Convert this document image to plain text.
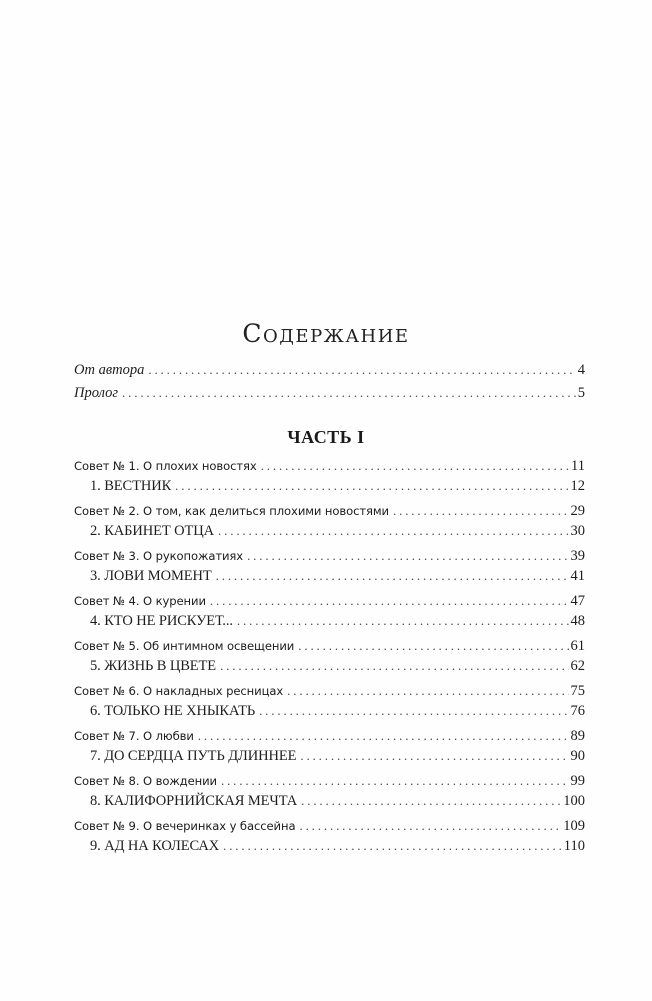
Содержание
От автора . . .	4
Пролог . . .	5
ЧАСТЬ I
Совет № 1. О плохих новостях . . .	11
1. ВЕСТНИК . . .	12
Совет № 2. О том, как делиться плохими новостями . . .	29
2. КАБИНЕТ ОТЦА . . .	30
Совет № 3. О рукопожатиях . . .	39
3. ЛОВИ МОМЕНТ . . .	41
Совет № 4. О курении . . .	47
4. КТО НЕ РИСКУЕТ... . . .	48
Совет № 5. Об интимном освещении . . .	61
5. ЖИЗНЬ В ЦВЕТЕ . . .	62
Совет № 6. О накладных ресницах . . .	75
6. ТОЛЬКО НЕ ХНЫКАТЬ . . .	76
Совет № 7. О любви . . .	89
7. ДО СЕРДЦА ПУТЬ ДЛИННЕЕ . . .	90
Совет № 8. О вождении . . .	99
8. КАЛИФОРНИЙСКАЯ МЕЧТА . . .	100
Совет № 9. О вечеринках у бассейна . . .	109
9. АД НА КОЛЕСАХ . . .	110
